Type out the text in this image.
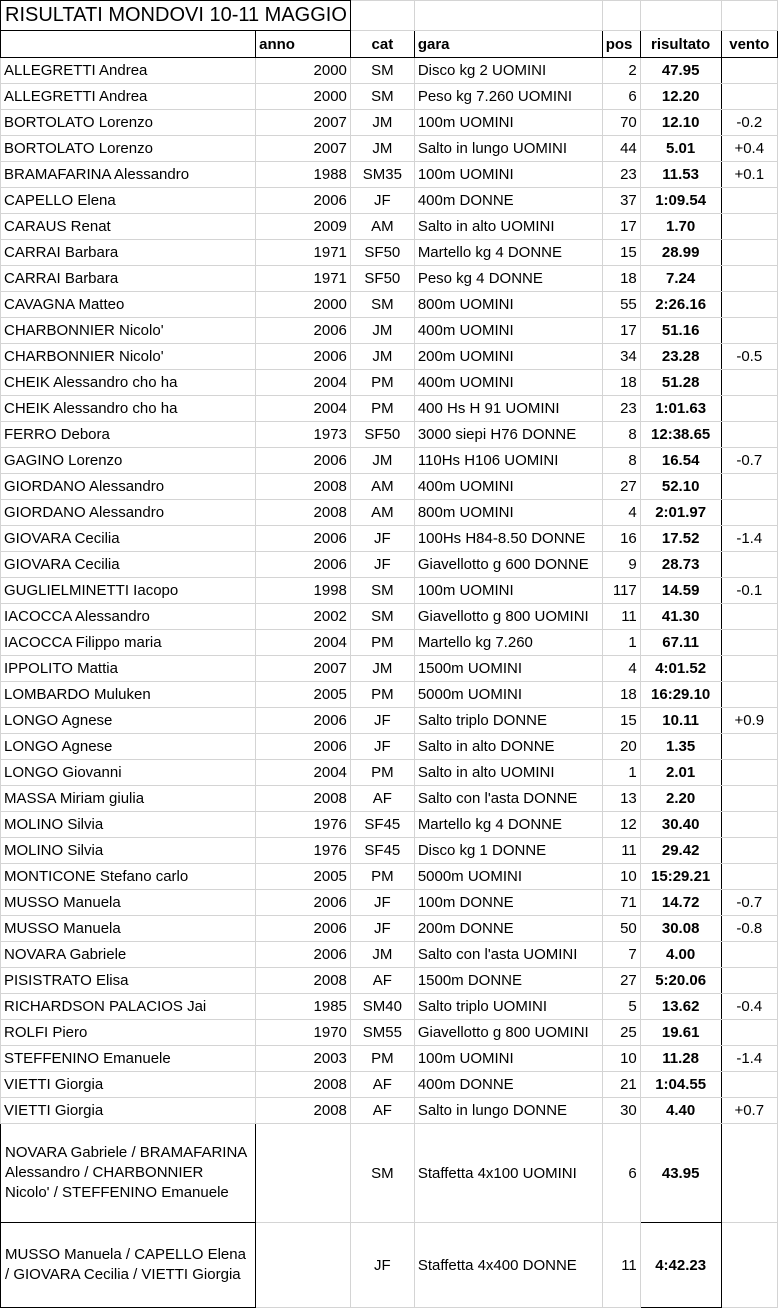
RISULTATI MONDOVI 10-11 MAGGIO						
	anno	cat	gara	pos	risultato	vento
ALLEGRETTI Andrea	2000	SM	Disco kg 2 UOMINI	2	47.95	
ALLEGRETTI Andrea	2000	SM	Peso kg 7.260 UOMINI	6	12.20	
BORTOLATO Lorenzo	2007	JM	100m UOMINI	70	12.10	-0.2
BORTOLATO Lorenzo	2007	JM	Salto in lungo UOMINI	44	5.01	+0.4
BRAMAFARINA Alessandro	1988	SM35	100m UOMINI	23	11.53	+0.1
CAPELLO Elena	2006	JF	400m DONNE	37	1:09.54	
CARAUS Renat	2009	AM	Salto in alto UOMINI	17	1.70	
CARRAI Barbara	1971	SF50	Martello kg 4 DONNE	15	28.99	
CARRAI Barbara	1971	SF50	Peso kg 4 DONNE	18	7.24	
CAVAGNA Matteo	2000	SM	800m UOMINI	55	2:26.16	
CHARBONNIER Nicolo'	2006	JM	400m UOMINI	17	51.16	
CHARBONNIER Nicolo'	2006	JM	200m UOMINI	34	23.28	-0.5
CHEIK Alessandro cho ha	2004	PM	400m UOMINI	18	51.28	
CHEIK Alessandro cho ha	2004	PM	400 Hs H 91 UOMINI	23	1:01.63	
FERRO Debora	1973	SF50	3000 siepi H76 DONNE	8	12:38.65	
GAGINO Lorenzo	2006	JM	110Hs H106 UOMINI	8	16.54	-0.7
GIORDANO Alessandro	2008	AM	400m UOMINI	27	52.10	
GIORDANO Alessandro	2008	AM	800m UOMINI	4	2:01.97	
GIOVARA Cecilia	2006	JF	100Hs H84-8.50 DONNE	16	17.52	-1.4
GIOVARA Cecilia	2006	JF	Giavellotto g 600 DONNE	9	28.73	
GUGLIELMINETTI Iacopo	1998	SM	100m UOMINI	117	14.59	-0.1
IACOCCA Alessandro	2002	SM	Giavellotto g 800 UOMINI	11	41.30	
IACOCCA Filippo maria	2004	PM	Martello kg 7.260	1	67.11	
IPPOLITO Mattia	2007	JM	1500m UOMINI	4	4:01.52	
LOMBARDO Muluken	2005	PM	5000m UOMINI	18	16:29.10	
LONGO Agnese	2006	JF	Salto triplo DONNE	15	10.11	+0.9
LONGO Agnese	2006	JF	Salto in alto DONNE	20	1.35	
LONGO Giovanni	2004	PM	Salto in alto UOMINI	1	2.01	
MASSA Miriam giulia	2008	AF	Salto con l'asta DONNE	13	2.20	
MOLINO Silvia	1976	SF45	Martello kg 4 DONNE	12	30.40	
MOLINO Silvia	1976	SF45	Disco kg 1 DONNE	11	29.42	
MONTICONE Stefano carlo	2005	PM	5000m UOMINI	10	15:29.21	
MUSSO Manuela	2006	JF	100m DONNE	71	14.72	-0.7
MUSSO Manuela	2006	JF	200m DONNE	50	30.08	-0.8
NOVARA Gabriele	2006	JM	Salto con l'asta UOMINI	7	4.00	
PISISTRATO Elisa	2008	AF	1500m DONNE	27	5:20.06	
RICHARDSON PALACIOS Jai	1985	SM40	Salto triplo UOMINI	5	13.62	-0.4
ROLFI Piero	1970	SM55	Giavellotto g 800 UOMINI	25	19.61	
STEFFENINO Emanuele	2003	PM	100m UOMINI	10	11.28	-1.4
VIETTI Giorgia	2008	AF	400m DONNE	21	1:04.55	
VIETTI Giorgia	2008	AF	Salto in lungo DONNE	30	4.40	+0.7
NOVARA Gabriele / BRAMAFARINA Alessandro / CHARBONNIER Nicolo' / STEFFENINO Emanuele		SM	Staffetta 4x100 UOMINI	6	43.95	
MUSSO Manuela / CAPELLO Elena / GIOVARA Cecilia / VIETTI Giorgia		JF	Staffetta 4x400 DONNE	11	4:42.23	
